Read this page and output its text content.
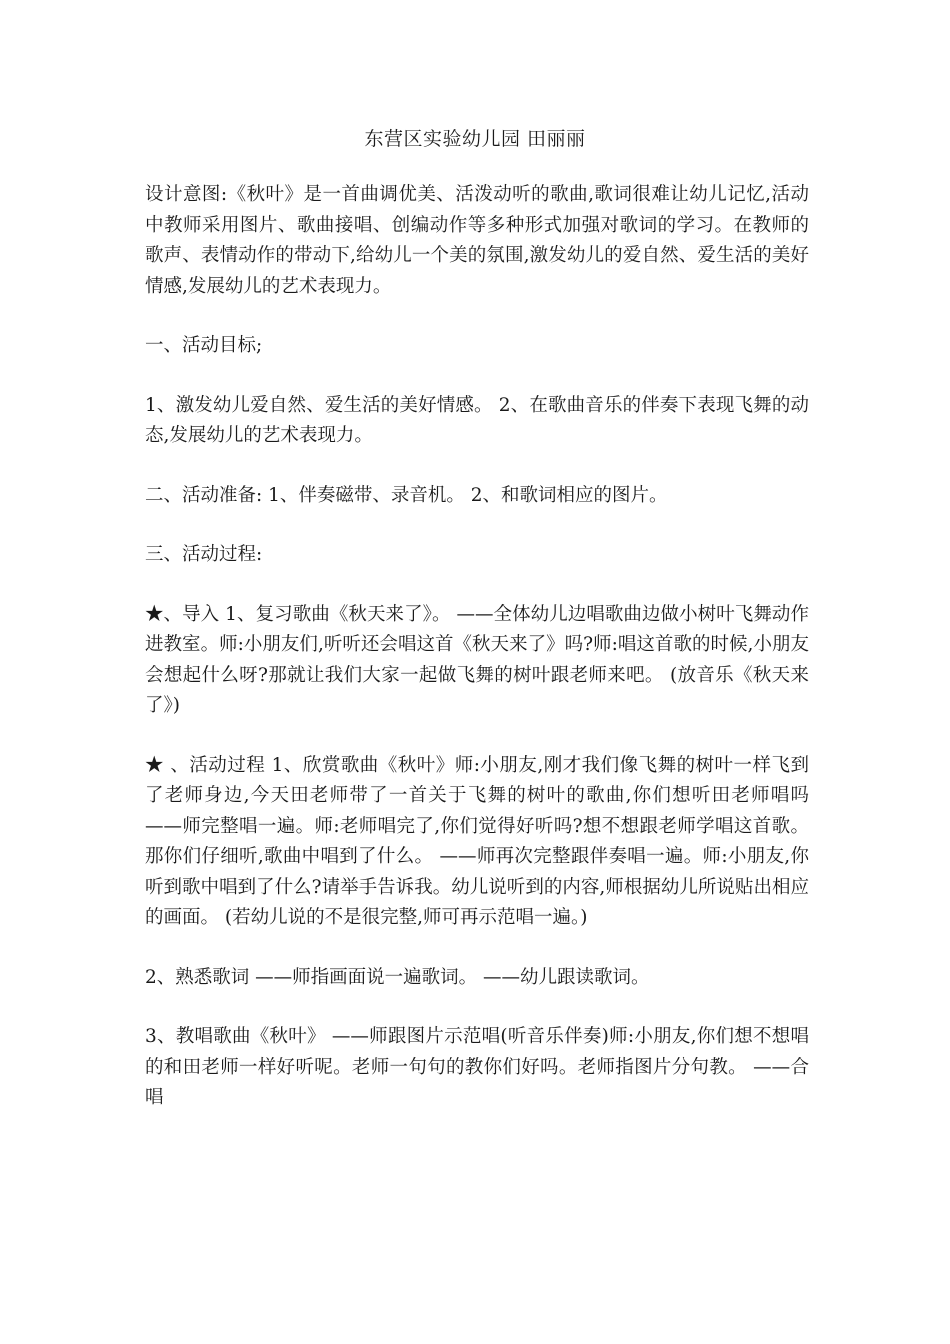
东营区实验幼儿园 田丽丽

设计意图:《秋叶》是一首曲调优美、活泼动听的歌曲,歌词很难让幼儿记忆,活动中教师采用图片、歌曲接唱、创编动作等多种形式加强对歌词的学习。在教师的歌声、表情动作的带动下,给幼儿一个美的氛围,激发幼儿的爱自然、爱生活的美好情感,发展幼儿的艺术表现力。

一、活动目标;

1、激发幼儿爱自然、爱生活的美好情感。 2、在歌曲音乐的伴奏下表现飞舞的动态,发展幼儿的艺术表现力。

二、活动准备: 1、伴奏磁带、录音机。 2、和歌词相应的图片。

三、活动过程:

★、导入 1、复习歌曲《秋天来了》。 ——全体幼儿边唱歌曲边做小树叶飞舞动作进教室。师:小朋友们,听听还会唱这首《秋天来了》吗?师:唱这首歌的时候,小朋友会想起什么呀?那就让我们大家一起做飞舞的树叶跟老师来吧。 (放音乐《秋天来了》)

★ 、活动过程 1、欣赏歌曲《秋叶》师:小朋友,刚才我们像飞舞的树叶一样飞到了老师身边,今天田老师带了一首关于飞舞的树叶的歌曲,你们想听田老师唱吗 ——师完整唱一遍。师:老师唱完了,你们觉得好听吗?想不想跟老师学唱这首歌。那你们仔细听,歌曲中唱到了什么。 ——师再次完整跟伴奏唱一遍。师:小朋友,你听到歌中唱到了什么?请举手告诉我。幼儿说听到的内容,师根据幼儿所说贴出相应的画面。 (若幼儿说的不是很完整,师可再示范唱一遍。)

2、熟悉歌词 ——师指画面说一遍歌词。 ——幼儿跟读歌词。

3、教唱歌曲《秋叶》 ——师跟图片示范唱(听音乐伴奏)师:小朋友,你们想不想唱的和田老师一样好听呢。老师一句句的教你们好吗。老师指图片分句教。 ——合唱
